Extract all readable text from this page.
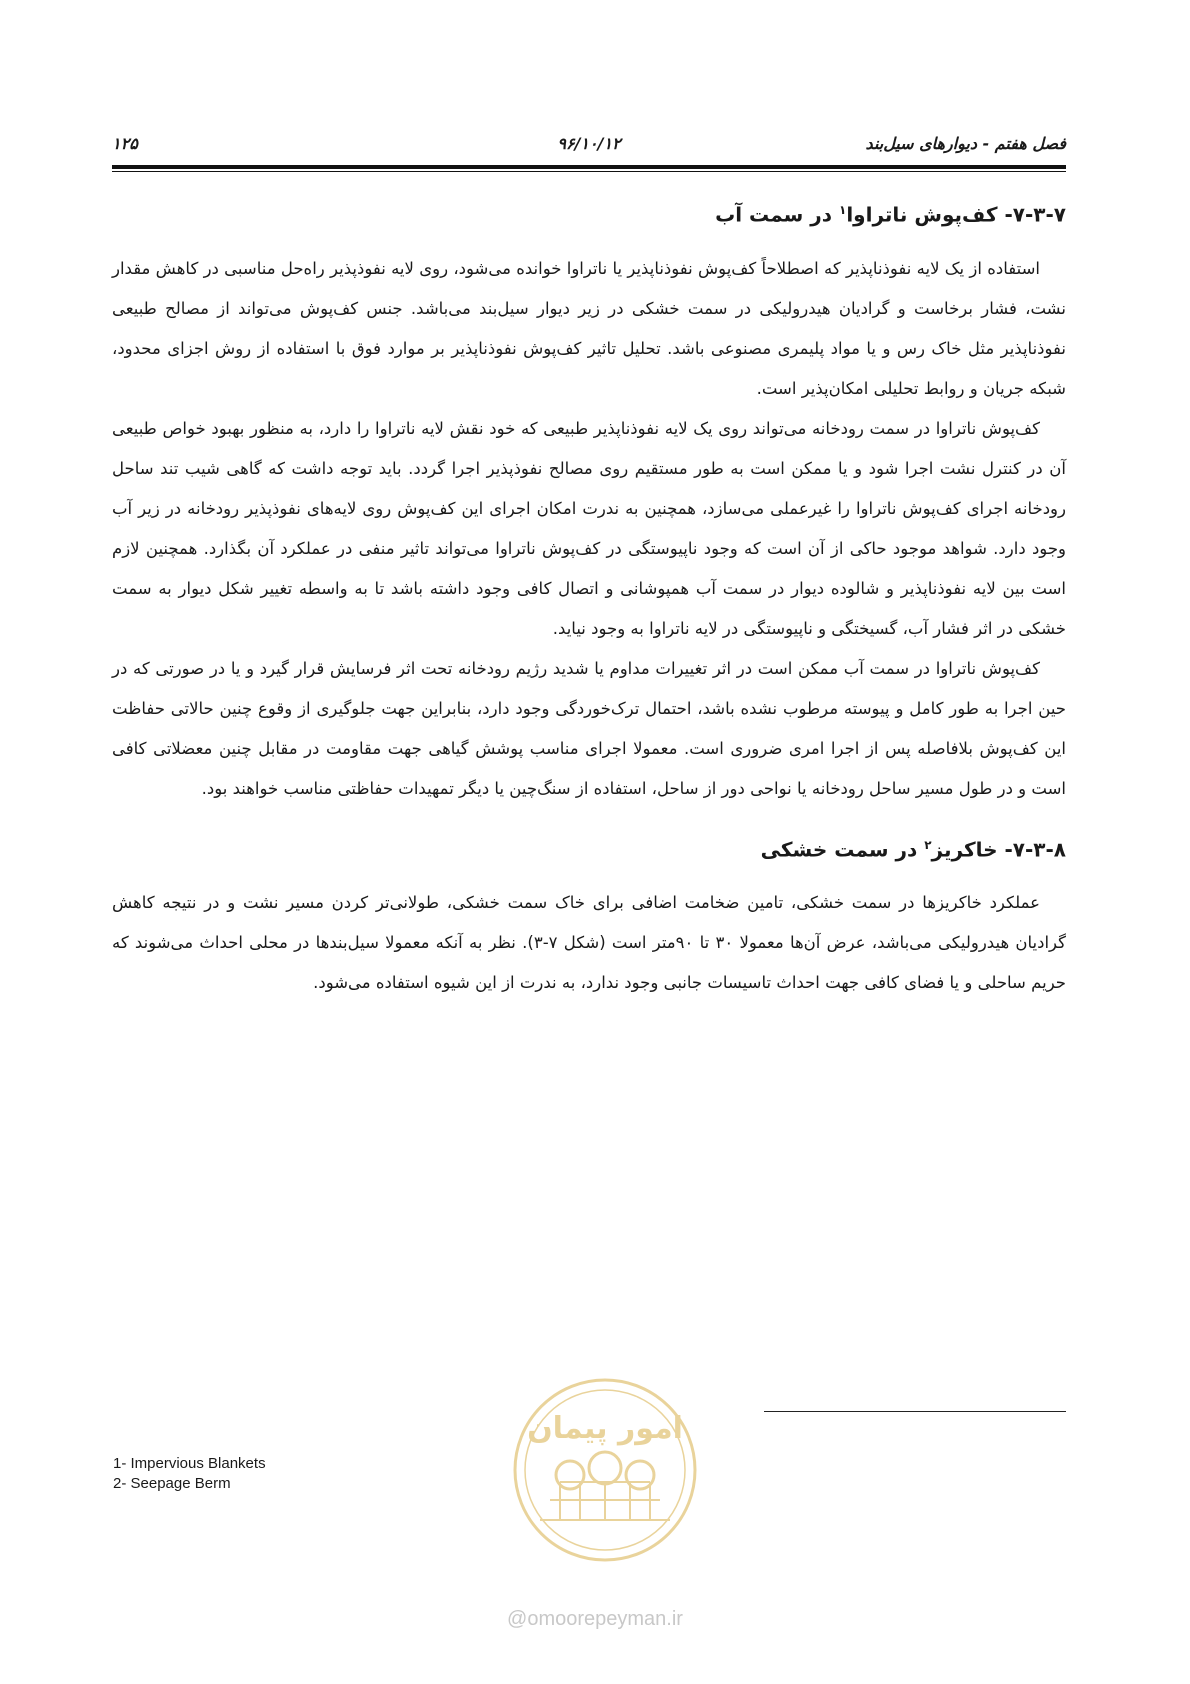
فصل هفتم - دیوارهای سیل‌بند
۹۶/۱۰/۱۲
۱۲۵
۷-۳-۷- کف‌پوش ناتراوا$^۱$ در سمت آب

استفاده از یک لایه نفوذناپذیر که اصطلاحاً کف‌پوش نفوذناپذیر یا ناتراوا خوانده می‌شود، روی لایه نفوذپذیر راه‌حل مناسبی در کاهش مقدار نشت، فشار برخاست و گرادیان هیدرولیکی در سمت خشکی در زیر دیوار سیل‌بند می‌باشد. جنس کف‌پوش می‌تواند از مصالح طبیعی نفوذناپذیر مثل خاک رس و یا مواد پلیمری مصنوعی باشد. تحلیل تاثیر کف‌پوش نفوذناپذیر بر موارد فوق با استفاده از روش اجزای محدود، شبکه جریان و روابط تحلیلی امکان‌پذیر است.

کف‌پوش ناتراوا در سمت رودخانه می‌تواند روی یک لایه نفوذناپذیر طبیعی که خود نقش لایه ناتراوا را دارد، به منظور بهبود خواص طبیعی آن در کنترل نشت اجرا شود و یا ممکن است به طور مستقیم روی مصالح نفوذپذیر اجرا گردد. باید توجه داشت که گاهی شیب تند ساحل رودخانه اجرای کف‌پوش ناتراوا را غیرعملی می‌سازد، همچنین به ندرت امکان اجرای این کف‌پوش روی لایه‌های نفوذپذیر رودخانه در زیر آب وجود دارد. شواهد موجود حاکی از آن است که وجود ناپیوستگی در کف‌پوش ناتراوا می‌تواند تاثیر منفی در عملکرد آن بگذارد. همچنین لازم است بین لایه نفوذناپذیر و شالوده دیوار در سمت آب همپوشانی و اتصال کافی وجود داشته باشد تا به واسطه تغییر شکل دیوار به سمت خشکی در اثر فشار آب، گسیختگی و ناپیوستگی در لایه ناتراوا به وجود نیاید.

کف‌پوش ناتراوا در سمت آب ممکن است در اثر تغییرات مداوم یا شدید رژیم رودخانه تحت اثر فرسایش قرار گیرد و یا در صورتی که در حین اجرا به طور کامل و پیوسته مرطوب نشده باشد، احتمال ترک‌خوردگی وجود دارد، بنابراین جهت جلوگیری از وقوع چنین حالاتی حفاظت این کف‌پوش بلافاصله پس از اجرا امری ضروری است. معمولا اجرای مناسب پوشش گیاهی جهت مقاومت در مقابل چنین معضلاتی کافی است و در طول مسیر ساحل رودخانه یا نواحی دور از ساحل، استفاده از سنگ‌چین یا دیگر تمهیدات حفاظتی مناسب خواهند بود.

۷-۳-۸- خاکریز$^۲$ در سمت خشکی

عملکرد خاکریزها در سمت خشکی، تامین ضخامت اضافی برای خاک سمت خشکی، طولانی‌تر کردن مسیر نشت و در نتیجه کاهش گرادیان هیدرولیکی می‌باشد، عرض آن‌ها معمولا ۳۰ تا ۹۰متر است (شکل ۷-۳). نظر به آنکه معمولا سیل‌بندها در محلی احداث می‌شوند که حریم ساحلی و یا فضای کافی جهت احداث تاسیسات جانبی وجود ندارد، به ندرت از این شیوه استفاده می‌شود.

1- Impervious Blankets
2- Seepage Berm
امور پیمان
@omoorepeyman.ir
